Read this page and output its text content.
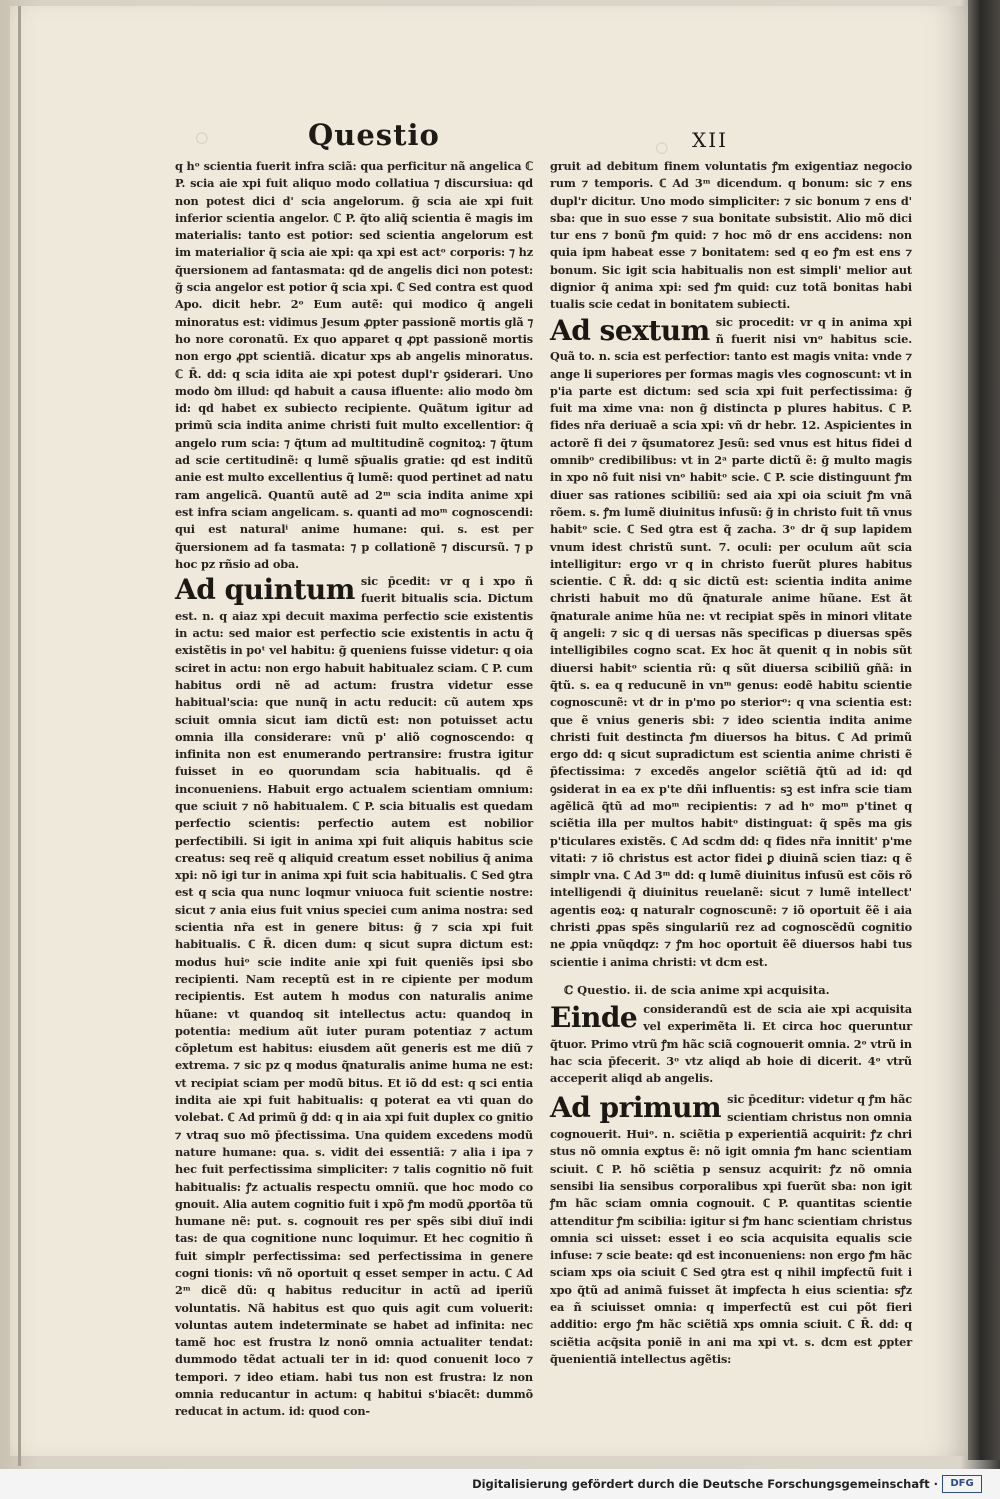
◦	◦
Questio	XII

q hᵒ scientia fuerit infra sciã: qua perficitur nã angelica ℂ P. scia aie xpi fuit aliquo modo collatiua ⁊ discursiua: qd non potest dici d' scia angelorum. g̃ scia aie xpi fuit inferior scientia angelor. ℂ P. q̃to aliq̃ scientia ẽ magis im materialis: tanto est potior: sed scientia angelorum est im materialior q̃ scia aie xpi: qa xpi est actᵒ corporis: ⁊ hz q̃uersionem ad fantasmata: qd de angelis dici non potest: g̃ scia angelor est potior q̃ scia xpi. ℂ Sed contra est quod Apo. dicit hebr. 2ᵒ Eum autẽ: qui modico q̃ angeli minoratus est: vidimus Jesum ꝓpter passionẽ mortis glã ⁊ ho nore coronatũ. Ex quo apparet q ꝓpt passionẽ mortis non ergo ꝓpt scientiã. dicatur xps ab angelis minoratus. ℂ R̄. dd: q scia idita aie xpi potest dupl'r ꝯsiderari. Uno modo ꝺm illud: qd habuit a causa ifluente: alio modo ꝺm id: qd habet ex subiecto recipiente. Quãtum igitur ad primũ scia indita anime christi fuit multo excellentior: q̃ angelo rum scia: ⁊ q̃tum ad multitudinẽ cognitoꝝ: ⁊ q̃tum ad scie certitudinẽ: q lumẽ sp̃ualis gratie: qd est inditũ anie est multo excellentius q̃ lumẽ: quod pertinet ad natu ram angelicã. Quantũ autẽ ad 2ᵐ scia indita anime xpi est infra sciam angelicam. s. quanti ad moᵐ cognoscendi: qui est naturalⁱ anime humane: qui. s. est per q̃uersionem ad fa tasmata: ⁊ p collationẽ ⁊ discursũ. ⁊ p hoc pz rñsio ad oba.

Ad quintum sic p̄cedit: vr q i xpo ñ fuerit bitualis scia. Dictum est. n. q aiaz xpi decuit maxima perfectio scie existentis in actu: sed maior est perfectio scie existentis in actu q̃ existẽtis in poᵗ vel habitu: g̃ queniens fuisse videtur: q oia sciret in actu: non ergo habuit habitualez sciam. ℂ P. cum habitus ordi nẽ ad actum: frustra videtur esse habitual'scia: que nunq̃ in actu reducit: cũ autem xps sciuit omnia sicut iam dictũ est: non potuisset actu omnia illa considerare: vnũ p' aliõ cognoscendo: q infinita non est enumerando pertransire: frustra igitur fuisset in eo quorundam scia habitualis. qd ẽ inconueniens. Habuit ergo actualem scientiam omnium: que sciuit ⁊ nõ habitualem. ℂ P. scia bitualis est quedam perfectio scientis: perfectio autem est nobilior perfectibili. Si igit in anima xpi fuit aliquis habitus scie creatus: seq reẽ q aliquid creatum esset nobilius q̃ anima xpi: nõ igi tur in anima xpi fuit scia habitualis. ℂ Sed ꝯtra est q scia qua nunc loqmur vniuoca fuit scientie nostre: sicut ⁊ ania eius fuit vnius speciei cum anima nostra: sed scientia nr̃a est in genere bitus: g̃ ⁊ scia xpi fuit habitualis. ℂ R̄. dicen dum: q sicut supra dictum est: modus huiᵒ scie indite anie xpi fuit queniẽs ipsi sbo recipienti. Nam receptũ est in re cipiente per modum recipientis. Est autem h modus con naturalis anime hũane: vt quandoq sit intellectus actu: quandoq in potentia: medium aũt iuter puram potentiaz ⁊ actum cõpletum est habitus: eiusdem aũt generis est me diũ ⁊ extrema. ⁊ sic pz q modus q̃naturalis anime huma ne est: vt recipiat sciam per modũ bitus. Et iõ dd est: q sci entia indita aie xpi fuit habitualis: q poterat ea vti quan do volebat. ℂ Ad primũ g̃ dd: q in aia xpi fuit duplex co gnitio ⁊ vtraq suo mõ p̄fectissima. Una quidem excedens modũ nature humane: qua. s. vidit dei essentiã: ⁊ alia i ipa ⁊ hec fuit perfectissima simpliciter: ⁊ talis cognitio nõ fuit habitualis: ꝭz actualis respectu omniũ. que hoc modo co gnouit. Alia autem cognitio fuit i xpõ ꝭm modũ ꝓportõa tũ humane nẽ: put. s. cognouit res per spẽs sibi diuĩ indi tas: de qua cognitione nunc loquimur. Et hec cognitio ñ fuit simplr perfectissima: sed perfectissima in genere cogni tionis: vñ nõ oportuit q esset semper in actu. ℂ Ad 2ᵐ dicẽ dũ: q habitus reducitur in actũ ad iperiũ voluntatis. Nã habitus est quo quis agit cum voluerit: voluntas autem indeterminate se habet ad infinita: nec tamẽ hoc est frustra lz nonõ omnia actualiter tendat: dummodo tẽdat actuali ter in id: quod conuenit loco ⁊ tempori. ⁊ ideo etiam. habi tus non est frustra: lz non omnia reducantur in actum: q habitui s'biacẽt: dummõ reducat in actum. id: quod con-

gruit ad debitum finem voluntatis ꝭm exigentiaz negocio rum ⁊ temporis. ℂ Ad 3ᵐ dicendum. q bonum: sic ⁊ ens dupl'r dicitur. Uno modo simpliciter: ⁊ sic bonum ⁊ ens d' sba: que in suo esse ⁊ sua bonitate subsistit. Alio mõ dici tur ens ⁊ bonũ ꝭm quid: ⁊ hoc mõ dr ens accidens: non quia ipm habeat esse ⁊ bonitatem: sed q eo ꝭm est ens ⁊ bonum. Sic igit scia habitualis non est simpli' melior aut dignior q̃ anima xpi: sed ꝭm quid: cuz totã bonitas habi tualis scie cedat in bonitatem subiecti.

Ad sextum sic procedit: vr q in anima xpi ñ fuerit nisi vnᵒ habitus scie. Quã to. n. scia est perfectior: tanto est magis vnita: vnde ⁊ ange li superiores per formas magis vles cognoscunt: vt in p'ia parte est dictum: sed scia xpi fuit perfectissima: g̃ fuit ma xime vna: non g̃ distincta p plures habitus. ℂ P. fides nr̃a deriuaẽ a scia xpi: vñ dr hebr. 12. Aspicientes in actorẽ fi dei ⁊ q̃sumatorez Jesũ: sed vnus est hitus fidei d omnibᵒ credibilibus: vt in 2ᵃ parte dictũ ẽ: g̃ multo magis in xpo nõ fuit nisi vnᵒ habitᵒ scie. ℂ P. scie distinguunt ꝭm diuer sas rationes scibiliũ: sed aia xpi oia sciuit ꝭm vnã rõem. s. ꝭm lumẽ diuinitus infusũ: g̃ in christo fuit tñ vnus habitᵒ scie. ℂ Sed ꝯtra est q̃ zacha. 3ᵒ dr q̃ sup lapidem vnum idest christũ sunt. 7. oculi: per oculum aũt scia intelligitur: ergo vr q in christo fuerũt plures habitus scientie. ℂ R̄. dd: q sic dictũ est: scientia indita anime christi habuit mo dũ q̃naturale anime hũane. Est ãt q̃naturale anime hũa ne: vt recipiat spẽs in minori vlitate q̃ angeli: ⁊ sic q di uersas nãs specificas p diuersas spẽs intelligibiles cogno scat. Ex hoc ãt quenit q in nobis sũt diuersi habitᵒ scientia rũ: q sũt diuersa scibiliũ gñã: in q̃tũ. s. ea q reducunẽ in vnᵐ genus: eodẽ habitu scientie cognoscunẽ: vt dr in p'mo po steriorᵒ: q vna scientia est: que ẽ vnius generis sbi: ⁊ ideo scientia indita anime christi fuit destincta ꝭm diuersos ha bitus. ℂ Ad primũ ergo dd: q sicut supradictum est scientia anime christi ẽ p̄fectissima: ⁊ excedẽs angelor sciẽtiã q̃tũ ad id: qd ꝯsiderat in ea ex p'te dñi influentis: sꝫ est infra scie tiam agẽlicã q̃tũ ad moᵐ recipientis: ⁊ ad hᵒ moᵐ p'tinet q sciẽtia illa per multos habitᵒ distinguat: q̃ spẽs ma gis p'ticulares existẽs. ℂ Ad scdm dd: q fides nr̃a innitit' p'me vitati: ⁊ iõ christus est actor fidei ꝑ diuinã scien tiaz: q ẽ simplr vna. ℂ Ad 3ᵐ dd: q lumẽ diuinitus infusũ est cõis rõ intelligendi q̃ diuinitus reuelanẽ: sicut ⁊ lumẽ intellect' agentis eoꝝ: q naturalr cognoscunẽ: ⁊ iõ oportuit ẽẽ i aia christi ꝓpas spẽs singulariũ rez ad cognoscẽdũ cognitio ne ꝓpia vnũqdqz: ⁊ ꝭm hoc oportuit ẽẽ diuersos habi tus scientie i anima christi: vt dcm est.

ℂ Questio. ii. de scia anime xpi acquisita.
Einde considerandũ est de scia aie xpi acquisita vel experimẽta li. Et circa hoc queruntur q̃tuor. Primo vtrũ ꝭm hãc sciã cognouerit omnia. 2ᵒ vtrũ in hac scia p̄fecerit. 3ᵒ vtz aliqd ab hoie di dicerit. 4ᵒ vtrũ acceperit aliqd ab angelis.

Ad primum sic p̄ceditur: videtur q ꝭm hãc scientiam christus non omnia cognouerit. Huiᵒ. n. sciẽtia p experientiã acquirit: ꝭz chri stus nõ omnia exꝑtus ẽ: nõ igit omnia ꝭm hanc scientiam sciuit. ℂ P. hõ sciẽtia p sensuz acquirit: ꝭz nõ omnia sensibi lia sensibus corporalibus xpi fuerũt sba: non igit ꝭm hãc sciam omnia cognouit. ℂ P. quantitas scientie attenditur ꝭm scibilia: igitur si ꝭm hanc scientiam christus omnia sci uisset: esset i eo scia acquisita equalis scie infuse: ⁊ scie beate: qd est inconueniens: non ergo ꝭm hãc sciam xps oia sciuit ℂ Sed ꝯtra est q nihil imꝑfectũ fuit i xpo q̃tũ ad animã fuisset ãt imꝑfecta h eius scientia: sꝭz ea ñ sciuisset omnia: q imperfectũ est cui põt fieri additio: ergo ꝭm hãc sciẽtiã xps omnia sciuit. ℂ R̄. dd: q sciẽtia acq̃sita poniẽ in ani ma xpi vt. s. dcm est ꝓpter q̃uenientiã intellectus agẽtis:

Digitalisierung gefördert durch die Deutsche Forschungsgemeinschaft ·	DFG
